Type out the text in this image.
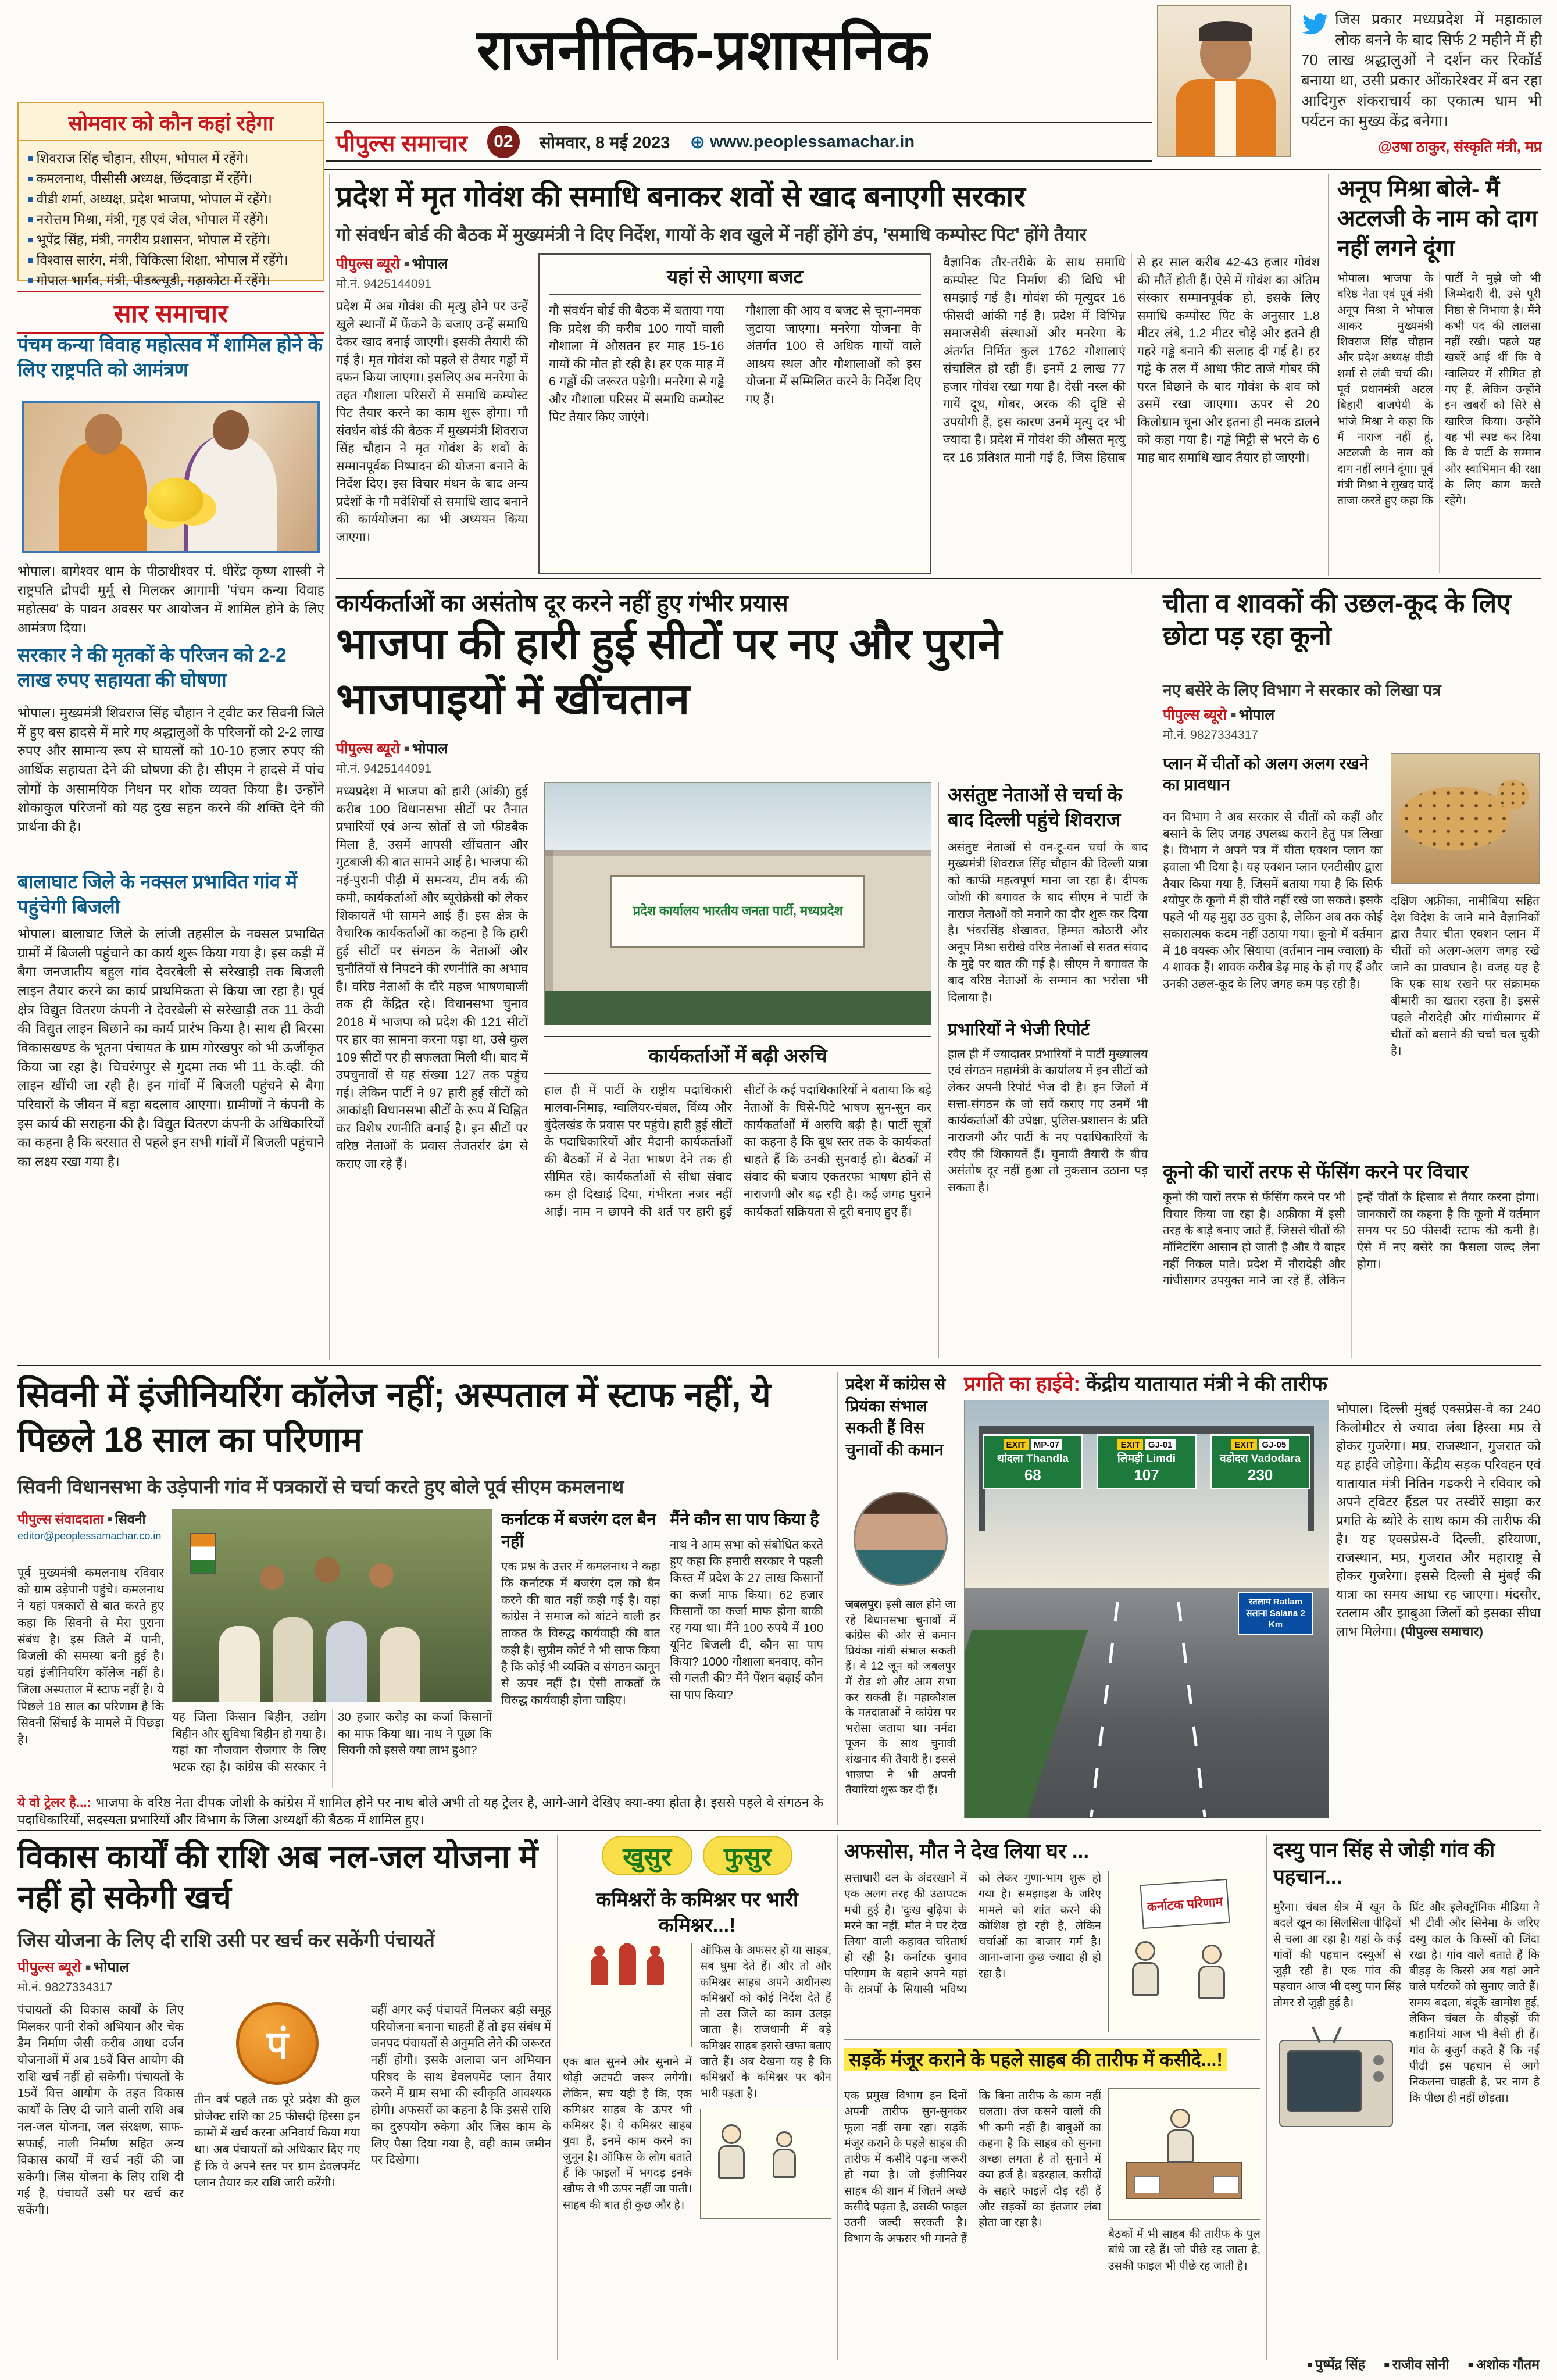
राजनीतिक-प्रशासनिक	जिस प्रकार मध्यप्रदेश में महाकाल लोक बनने के बाद सिर्फ 2 महीने में ही 70 लाख श्रद्धालुओं ने दर्शन कर रिकॉर्ड बनाया था, उसी प्रकार ओंकारेश्वर में बन रहा आदिगुरु शंकराचार्य का एकात्म धाम भी पर्यटन का मुख्य केंद्र बनेगा।
@उषा ठाकुर, संस्कृति मंत्री, मप्र
पीपुल्स समाचार	02	सोमवार, 8 मई 2023	⊕ www.peoplessamachar.in
सोमवार को कौन कहां रहेगा
■ शिवराज सिंह चौहान, सीएम, भोपाल में रहेंगे।
■ कमलनाथ, पीसीसी अध्यक्ष, छिंदवाड़ा में रहेंगे।
■ वीडी शर्मा, अध्यक्ष, प्रदेश भाजपा, भोपाल में रहेंगे।
■ नरोत्तम मिश्रा, मंत्री, गृह एवं जेल, भोपाल में रहेंगे।
■ भूपेंद्र सिंह, मंत्री, नगरीय प्रशासन, भोपाल में रहेंगे।
■ विश्वास सारंग, मंत्री, चिकित्सा शिक्षा, भोपाल में रहेंगे।
■ गोपाल भार्गव, मंत्री, पीडब्ल्यूडी, गढ़ाकोटा में रहेंगे।
सार समाचार
पंचम कन्या विवाह महोत्सव में शामिल होने के लिए राष्ट्रपति को आमंत्रण
भोपाल। बागेश्वर धाम के पीठाधीश्वर पं. धीरेंद्र कृष्ण शास्त्री ने राष्ट्रपति द्रौपदी मुर्मू से मिलकर आगामी 'पंचम कन्या विवाह महोत्सव' के पावन अवसर पर आयोजन में शामिल होने के लिए आमंत्रण दिया।
सरकार ने की मृतकों के परिजन को 2-2 लाख रुपए सहायता की घोषणा
भोपाल। मुख्यमंत्री शिवराज सिंह चौहान ने ट्वीट कर सिवनी जिले में हुए बस हादसे में मारे गए श्रद्धालुओं के परिजनों को 2-2 लाख रुपए और सामान्य रूप से घायलों को 10-10 हजार रुपए की आर्थिक सहायता देने की घोषणा की है। सीएम ने हादसे में पांच लोगों के असामयिक निधन पर शोक व्यक्त किया है। उन्होंने शोकाकुल परिजनों को यह दुख सहन करने की शक्ति देने की प्रार्थना की है।
बालाघाट जिले के नक्सल प्रभावित गांव में पहुंचेगी बिजली
भोपाल। बालाघाट जिले के लांजी तहसील के नक्सल प्रभावित ग्रामों में बिजली पहुंचाने का कार्य शुरू किया गया है। इस कड़ी में बैगा जनजातीय बहुल गांव देवरबेली से सरेखाड़ी तक बिजली लाइन तैयार करने का कार्य प्राथमिकता से किया जा रहा है। पूर्व क्षेत्र विद्युत वितरण कंपनी ने देवरबेली से सरेखाड़ी तक 11 केवी की विद्युत लाइन बिछाने का कार्य प्रारंभ किया है। साथ ही बिरसा विकासखण्ड के भूतना पंचायत के ग्राम गोरखपुर को भी ऊर्जीकृत किया जा रहा है। चिचरंगपुर से गुदमा तक भी 11 के.व्ही. की लाइन खींची जा रही है। इन गांवों में बिजली पहुंचने से बैगा परिवारों के जीवन में बड़ा बदलाव आएगा। ग्रामीणों ने कंपनी के इस कार्य की सराहना की है। विद्युत वितरण कंपनी के अधिकारियों का कहना है कि बरसात से पहले इन सभी गांवों में बिजली पहुंचाने का लक्ष्य रखा गया है।
प्रदेश में मृत गोवंश की समाधि बनाकर शवों से खाद बनाएगी सरकार
गो संवर्धन बोर्ड की बैठक में मुख्यमंत्री ने दिए निर्देश, गायों के शव खुले में नहीं होंगे डंप, 'समाधि कम्पोस्ट पिट' होंगे तैयार
पीपुल्स ब्यूरो ■ भोपाल
मो.नं. 9425144091
प्रदेश में अब गोवंश की मृत्यु होने पर उन्हें खुले स्थानों में फेंकने के बजाए उन्हें समाधि देकर खाद बनाई जाएगी। इसकी तैयारी की गई है। मृत गोवंश को पहले से तैयार गड्ढों में दफन किया जाएगा। इसलिए अब मनरेगा के तहत गौशाला परिसरों में समाधि कम्पोस्ट पिट तैयार करने का काम शुरू होगा। गौ संवर्धन बोर्ड की बैठक में मुख्यमंत्री शिवराज सिंह चौहान ने मृत गोवंश के शवों के सम्मानपूर्वक निष्पादन की योजना बनाने के निर्देश दिए। इस विचार मंथन के बाद अन्य प्रदेशों के गौ मवेशियों से समाधि खाद बनाने की कार्ययोजना का भी अध्ययन किया जाएगा।
यहां से आएगा बजट
गौ संवर्धन बोर्ड की बैठक में बताया गया कि प्रदेश की करीब 100 गायों वाली गौशाला में औसतन हर माह 15-16 गायों की मौत हो रही है। हर एक माह में 6 गड्ढों की जरूरत पड़ेगी। मनरेगा से गड्ढे और गौशाला परिसर में समाधि कम्पोस्ट पिट तैयार किए जाएंगे।
गौशाला की आय व बजट से चूना-नमक जुटाया जाएगा। मनरेगा योजना के अंतर्गत 100 से अधिक गायों वाले आश्रय स्थल और गौशालाओं को इस योजना में सम्मिलित करने के निर्देश दिए गए हैं।
वैज्ञानिक तौर-तरीके के साथ समाधि कम्पोस्ट पिट निर्माण की विधि भी समझाई गई है। गोवंश की मृत्युदर 16 फीसदी आंकी गई है। प्रदेश में विभिन्न समाजसेवी संस्थाओं और मनरेगा के अंतर्गत निर्मित कुल 1762 गौशालाएं संचालित हो रही हैं। इनमें 2 लाख 77 हजार गोवंश रखा गया है। देसी नस्ल की गायें दूध, गोबर, अरक की दृष्टि से उपयोगी हैं, इस कारण उनमें मृत्यु दर भी ज्यादा है। प्रदेश में गोवंश की औसत मृत्यु दर 16 प्रतिशत मानी गई है, जिस हिसाब से हर साल करीब 42-43 हजार गोवंश की मौतें होती हैं। ऐसे में गोवंश का अंतिम संस्कार सम्मानपूर्वक हो, इसके लिए समाधि कम्पोस्ट पिट के अनुसार 1.8 मीटर लंबे, 1.2 मीटर चौड़े और इतने ही गहरे गड्ढे बनाने की सलाह दी गई है। हर गड्ढे के तल में आधा फीट ताजे गोबर की परत बिछाने के बाद गोवंश के शव को उसमें रखा जाएगा। ऊपर से 20 किलोग्राम चूना और इतना ही नमक डालने को कहा गया है। गड्ढे मिट्टी से भरने के 6 माह बाद समाधि खाद तैयार हो जाएगी।
अनूप मिश्रा बोले- मैं अटलजी के नाम को दाग नहीं लगने दूंगा
भोपाल। भाजपा के वरिष्ठ नेता एवं पूर्व मंत्री अनूप मिश्रा ने भोपाल आकर मुख्यमंत्री शिवराज सिंह चौहान और प्रदेश अध्यक्ष वीडी शर्मा से लंबी चर्चा की। पूर्व प्रधानमंत्री अटल बिहारी वाजपेयी के भांजे मिश्रा ने कहा कि मैं नाराज नहीं हूं, अटलजी के नाम को दाग नहीं लगने दूंगा। पूर्व मंत्री मिश्रा ने सुखद यादें ताजा करते हुए कहा कि पार्टी ने मुझे जो भी जिम्मेदारी दी, उसे पूरी निष्ठा से निभाया है। मैंने कभी पद की लालसा नहीं रखी। पहले यह खबरें आई थीं कि वे ग्वालियर में सीमित हो गए हैं, लेकिन उन्होंने इन खबरों को सिरे से खारिज किया। उन्होंने यह भी स्पष्ट कर दिया कि वे पार्टी के सम्मान और स्वाभिमान की रक्षा के लिए काम करते रहेंगे।
कार्यकर्ताओं का असंतोष दूर करने नहीं हुए गंभीर प्रयास
भाजपा की हारी हुई सीटों पर नए और पुराने भाजपाइयों में खींचतान
पीपुल्स ब्यूरो ■ भोपाल
मो.नं. 9425144091
मध्यप्रदेश में भाजपा को हारी (आंकी) हुई करीब 100 विधानसभा सीटों पर तैनात प्रभारियों एवं अन्य स्रोतों से जो फीडबैक मिला है, उसमें आपसी खींचतान और गुटबाजी की बात सामने आई है। भाजपा की नई-पुरानी पीढ़ी में समन्वय, टीम वर्क की कमी, कार्यकर्ताओं और ब्यूरोक्रेसी को लेकर शिकायतें भी सामने आई हैं। इस क्षेत्र के वैचारिक कार्यकर्ताओं का कहना है कि हारी हुई सीटों पर संगठन के नेताओं और चुनौतियों से निपटने की रणनीति का अभाव है। वरिष्ठ नेताओं के दौरे महज भाषणबाजी तक ही केंद्रित रहे। विधानसभा चुनाव 2018 में भाजपा को प्रदेश की 121 सीटों पर हार का सामना करना पड़ा था, उसे कुल 109 सीटों पर ही सफलता मिली थी। बाद में उपचुनावों से यह संख्या 127 तक पहुंच गई। लेकिन पार्टी ने 97 हारी हुई सीटों को आकांक्षी विधानसभा सीटों के रूप में चिह्नित कर विशेष रणनीति बनाई है। इन सीटों पर वरिष्ठ नेताओं के प्रवास तेजतर्रार ढंग से कराए जा रहे हैं।
प्रदेश कार्यालय भारतीय जनता पार्टी, मध्यप्रदेश
कार्यकर्ताओं में बढ़ी अरुचि
हाल ही में पार्टी के राष्ट्रीय पदाधिकारी मालवा-निमाड़, ग्वालियर-चंबल, विंध्य और बुंदेलखंड के प्रवास पर पहुंचे। हारी हुई सीटों के पदाधिकारियों और मैदानी कार्यकर्ताओं की बैठकों में वे नेता भाषण देने तक ही सीमित रहे। कार्यकर्ताओं से सीधा संवाद कम ही दिखाई दिया, गंभीरता नजर नहीं आई। नाम न छापने की शर्त पर हारी हुई सीटों के कई पदाधिकारियों ने बताया कि बड़े नेताओं के घिसे-पिटे भाषण सुन-सुन कर कार्यकर्ताओं में अरुचि बढ़ी है। पार्टी सूत्रों का कहना है कि बूथ स्तर तक के कार्यकर्ता चाहते हैं कि उनकी सुनवाई हो। बैठकों में संवाद की बजाय एकतरफा भाषण होने से नाराजगी और बढ़ रही है। कई जगह पुराने कार्यकर्ता सक्रियता से दूरी बनाए हुए हैं।
असंतुष्ट नेताओं से चर्चा के बाद दिल्ली पहुंचे शिवराज
असंतुष्ट नेताओं से वन-टू-वन चर्चा के बाद मुख्यमंत्री शिवराज सिंह चौहान की दिल्ली यात्रा को काफी महत्वपूर्ण माना जा रहा है। दीपक जोशी की बगावत के बाद सीएम ने पार्टी के नाराज नेताओं को मनाने का दौर शुरू कर दिया है। भंवरसिंह शेखावत, हिम्मत कोठारी और अनूप मिश्रा सरीखे वरिष्ठ नेताओं से सतत संवाद के मुद्दे पर बात की गई है। सीएम ने बगावत के बाद वरिष्ठ नेताओं के सम्मान का भरोसा भी दिलाया है।
प्रभारियों ने भेजी रिपोर्ट
हाल ही में ज्यादातर प्रभारियों ने पार्टी मुख्यालय एवं संगठन महामंत्री के कार्यालय में इन सीटों को लेकर अपनी रिपोर्ट भेज दी है। इन जिलों में सत्ता-संगठन के जो सर्वे कराए गए उनमें भी कार्यकर्ताओं की उपेक्षा, पुलिस-प्रशासन के प्रति नाराजगी और पार्टी के नए पदाधिकारियों के रवैए की शिकायतें हैं। चुनावी तैयारी के बीच असंतोष दूर नहीं हुआ तो नुकसान उठाना पड़ सकता है।
चीता व शावकों की उछल-कूद के लिए छोटा पड़ रहा कूनो
नए बसेरे के लिए विभाग ने सरकार को लिखा पत्र
पीपुल्स ब्यूरो ■ भोपाल
मो.नं. 9827334317
प्लान में चीतों को अलग अलग रखने का प्रावधान
वन विभाग ने अब सरकार से चीतों को कहीं और बसाने के लिए जगह उपलब्ध कराने हेतु पत्र लिखा है। विभाग ने अपने पत्र में चीता एक्शन प्लान का हवाला भी दिया है। यह एक्शन प्लान एनटीसीए द्वारा तैयार किया गया है, जिसमें बताया गया है कि सिर्फ श्योपुर के कूनो में ही चीते नहीं रखे जा सकते। इसके पहले भी यह मुद्दा उठ चुका है, लेकिन अब तक कोई सकारात्मक कदम नहीं उठाया गया। कूनो में वर्तमान में 18 वयस्क और सियाया (वर्तमान नाम ज्वाला) के 4 शावक हैं। शावक करीब डेढ़ माह के हो गए हैं और उनकी उछल-कूद के लिए जगह कम पड़ रही है।
दक्षिण अफ्रीका, नामीबिया सहित देश विदेश के जाने माने वैज्ञानिकों द्वारा तैयार चीता एक्शन प्लान में चीतों को अलग-अलग जगह रखे जाने का प्रावधान है। वजह यह है कि एक साथ रखने पर संक्रामक बीमारी का खतरा रहता है। इससे पहले नौरादेही और गांधीसागर में चीतों को बसाने की चर्चा चल चुकी है।
कूनो की चारों तरफ से फेंसिंग करने पर विचार
कूनो की चारों तरफ से फेंसिंग करने पर भी विचार किया जा रहा है। अफ्रीका में इसी तरह के बाड़े बनाए जाते हैं, जिससे चीतों की मॉनिटरिंग आसान हो जाती है और वे बाहर नहीं निकल पाते। प्रदेश में नौरादेही और गांधीसागर उपयुक्त माने जा रहे हैं, लेकिन इन्हें चीतों के हिसाब से तैयार करना होगा। जानकारों का कहना है कि कूनो में वर्तमान समय पर 50 फीसदी स्टाफ की कमी है। ऐसे में नए बसेरे का फैसला जल्द लेना होगा।
सिवनी में इंजीनियरिंग कॉलेज नहीं; अस्पताल में स्टाफ नहीं, ये पिछले 18 साल का परिणाम
सिवनी विधानसभा के उड़ेपानी गांव में पत्रकारों से चर्चा करते हुए बोले पूर्व सीएम कमलनाथ
पीपुल्स संवाददाता ■ सिवनी
editor@peoplessamachar.co.in
पूर्व मुख्यमंत्री कमलनाथ रविवार को ग्राम उड़ेपानी पहुंचे। कमलनाथ ने यहां पत्रकारों से बात करते हुए कहा कि सिवनी से मेरा पुराना संबंध है। इस जिले में पानी, बिजली की समस्या बनी हुई है। यहां इंजीनियरिंग कॉलेज नहीं है। जिला अस्पताल में स्टाफ नहीं है। ये पिछले 18 साल का परिणाम है कि सिवनी सिंचाई के मामले में पिछड़ा है।
यह जिला किसान बिहीन, उद्योग बिहीन और सुविधा बिहीन हो गया है। यहां का नौजवान रोजगार के लिए भटक रहा है। कांग्रेस की सरकार ने 30 हजार करोड़ का कर्जा किसानों का माफ किया था। नाथ ने पूछा कि सिवनी को इससे क्या लाभ हुआ?
कर्नाटक में बजरंग दल बैन नहीं
एक प्रश्न के उत्तर में कमलनाथ ने कहा कि कर्नाटक में बजरंग दल को बैन करने की बात नहीं कही गई है। वहां कांग्रेस ने समाज को बांटने वाली हर ताकत के विरुद्ध कार्यवाही की बात कही है। सुप्रीम कोर्ट ने भी साफ किया है कि कोई भी व्यक्ति व संगठन कानून से ऊपर नहीं है। ऐसी ताकतों के विरुद्ध कार्यवाही होना चाहिए।
मैंने कौन सा पाप किया है
नाथ ने आम सभा को संबोधित करते हुए कहा कि हमारी सरकार ने पहली किस्त में प्रदेश के 27 लाख किसानों का कर्जा माफ किया। 62 हजार किसानों का कर्जा माफ होना बाकी रह गया था। मैंने 100 रुपये में 100 यूनिट बिजली दी, कौन सा पाप किया? 1000 गौशाला बनवाए, कौन सी गलती की? मैंने पेंशन बढ़ाई कौन सा पाप किया?
ये वो ट्रेलर है...: भाजपा के वरिष्ठ नेता दीपक जोशी के कांग्रेस में शामिल होने पर नाथ बोले अभी तो यह ट्रेलर है, आगे-आगे देखिए क्या-क्या होता है। इससे पहले वे संगठन के पदाधिकारियों, सदस्यता प्रभारियों और विभाग के जिला अध्यक्षों की बैठक में शामिल हुए।
प्रदेश में कांग्रेस से प्रियंका संभाल सकती हैं विस चुनावों की कमान
जबलपुर। इसी साल होने जा रहे विधानसभा चुनावों में कांग्रेस की ओर से कमान प्रियंका गांधी संभाल सकती हैं। वे 12 जून को जबलपुर में रोड शो और आम सभा कर सकती हैं। महाकौशल के मतदाताओं ने कांग्रेस पर भरोसा जताया था। नर्मदा पूजन के साथ चुनावी शंखनाद की तैयारी है। इससे भाजपा ने भी अपनी तैयारियां शुरू कर दी हैं।
प्रगति का हाईवे: केंद्रीय यातायात मंत्री ने की तारीफ
EXIT MP-07
थांदला Thandla
68
EXIT GJ-01
लिमड़ी Limdi
107
EXIT GJ-05
वडोदरा Vadodara
230
रतलाम Ratlam
सलाना Salana 2 Km
भोपाल। दिल्ली मुंबई एक्सप्रेस-वे का 240 किलोमीटर से ज्यादा लंबा हिस्सा मप्र से होकर गुजरेगा। मप्र, राजस्थान, गुजरात को यह हाईवे जोड़ेगा। केंद्रीय सड़क परिवहन एवं यातायात मंत्री नितिन गडकरी ने रविवार को अपने ट्विटर हैंडल पर तस्वीरें साझा कर प्रगति के ब्योरे के साथ काम की तारीफ की है। यह एक्सप्रेस-वे दिल्ली, हरियाणा, राजस्थान, मप्र, गुजरात और महाराष्ट्र से होकर गुजरेगा। इससे दिल्ली से मुंबई की यात्रा का समय आधा रह जाएगा। मंदसौर, रतलाम और झाबुआ जिलों को इसका सीधा लाभ मिलेगा। (पीपुल्स समाचार)
विकास कार्यों की राशि अब नल-जल योजना में नहीं हो सकेगी खर्च
जिस योजना के लिए दी राशि उसी पर खर्च कर सकेंगी पंचायतें
पीपुल्स ब्यूरो ■ भोपाल
मो.नं. 9827334317
पंचायतों की विकास कार्यों के लिए मिलकर पानी रोको अभियान और चेक डैम निर्माण जैसी करीब आधा दर्जन योजनाओं में अब 15वें वित्त आयोग की राशि खर्च नहीं हो सकेगी। पंचायतों के 15वें वित्त आयोग के तहत विकास कार्यों के लिए दी जाने वाली राशि अब नल-जल योजना, जल संरक्षण, साफ-सफाई, नाली निर्माण सहित अन्य विकास कार्यों में खर्च नहीं की जा सकेगी। जिस योजना के लिए राशि दी गई है, पंचायतें उसी पर खर्च कर सकेंगी।
पं
तीन वर्ष पहले तक पूरे प्रदेश की कुल प्रोजेक्ट राशि का 25 फीसदी हिस्सा इन कामों में खर्च करना अनिवार्य किया गया था। अब पंचायतों को अधिकार दिए गए हैं कि वे अपने स्तर पर ग्राम डेवलपमेंट प्लान तैयार कर राशि जारी करेंगी।
वहीं अगर कई पंचायतें मिलकर बड़ी समूह परियोजना बनाना चाहती हैं तो इस संबंध में जनपद पंचायतों से अनुमति लेने की जरूरत नहीं होगी। इसके अलावा जन अभियान परिषद के साथ डेवलपमेंट प्लान तैयार करने में ग्राम सभा की स्वीकृति आवश्यक होगी। अफसरों का कहना है कि इससे राशि का दुरुपयोग रुकेगा और जिस काम के लिए पैसा दिया गया है, वही काम जमीन पर दिखेगा।
खुसुर	फुसुर
कमिश्नरों के कमिश्नर पर भारी कमिश्नर...!

एक बात सुनने और सुनाने में थोड़ी अटपटी जरूर लगेगी। लेकिन, सच यही है कि, एक कमिश्नर साहब के ऊपर भी कमिश्नर हैं। ये कमिश्नर साहब युवा हैं, इनमें काम करने का जुनून है। ऑफिस के लोग बताते हैं कि फाइलों में भगदड़ इनके खौफ से भी ऊपर नहीं जा पाती। साहब की बात ही कुछ और है।
ऑफिस के अफसर हों या साहब, सब घुमा देते हैं। और तो और कमिश्नर साहब अपने अधीनस्थ कमिश्नरों को कोई निर्देश देते हैं तो उस जिले का काम उलझ जाता है। राजधानी में बड़े कमिश्नर साहब इससे खफा बताए जाते हैं। अब देखना यह है कि कमिश्नरों के कमिश्नर पर कौन भारी पड़ता है।
अफसोस, मौत ने देख लिया घर ...
सत्ताधारी दल के अंदरखाने में एक अलग तरह की उठापटक मची हुई है। 'दुःख बुढ़िया के मरने का नहीं, मौत ने घर देख लिया' वाली कहावत चरितार्थ हो रही है। कर्नाटक चुनाव परिणाम के बहाने अपने यहां के क्षत्रपों के सियासी भविष्य को लेकर गुणा-भाग शुरू हो गया है। समझाइश के जरिए मामले को शांत करने की कोशिश हो रही है, लेकिन चर्चाओं का बाजार गर्म है। आना-जाना कुछ ज्यादा ही हो रहा है।
कर्नाटक परिणाम
सड़कें मंजूर कराने के पहले साहब की तारीफ में कसीदे...!
एक प्रमुख विभाग इन दिनों अपनी तारीफ सुन-सुनकर फूला नहीं समा रहा। सड़कें मंजूर कराने के पहले साहब की तारीफ में कसीदे पढ़ना जरूरी हो गया है। जो इंजीनियर साहब की शान में जितने अच्छे कसीदे पढ़ता है, उसकी फाइल उतनी जल्दी सरकती है। विभाग के अफसर भी मानते हैं कि बिना तारीफ के काम नहीं चलता। तंज कसने वालों की भी कमी नहीं है। बाबुओं का कहना है कि साहब को सुनना अच्छा लगता है तो सुनाने में क्या हर्ज है। बहरहाल, कसीदों के सहारे फाइलें दौड़ रही हैं और सड़कों का इंतजार लंबा होता जा रहा है।
बैठकों में भी साहब की तारीफ के पुल बांधे जा रहे हैं। जो पीछे रह जाता है, उसकी फाइल भी पीछे रह जाती है।
दस्यु पान सिंह से जोड़ी गांव की पहचान...
मुरैना। चंबल क्षेत्र में खून के बदले खून का सिलसिला पीढ़ियों से चला आ रहा है। यहां के कई गांवों की पहचान दस्युओं से जुड़ी रही है। एक गांव की पहचान आज भी दस्यु पान सिंह तोमर से जुड़ी हुई है।
प्रिंट और इलेक्ट्रॉनिक मीडिया ने भी टीवी और सिनेमा के जरिए दस्यु काल के किस्सों को जिंदा रखा है। गांव वाले बताते हैं कि बीहड़ के किस्से अब यहां आने वाले पर्यटकों को सुनाए जाते हैं। समय बदला, बंदूकें खामोश हुईं, लेकिन चंबल के बीहड़ों की कहानियां आज भी वैसी ही हैं। गांव के बुजुर्ग कहते हैं कि नई पीढ़ी इस पहचान से आगे निकलना चाहती है, पर नाम है कि पीछा ही नहीं छोड़ता।
■ पुष्पेंद्र सिंह ■ राजीव सोनी ■ अशोक गौतम
